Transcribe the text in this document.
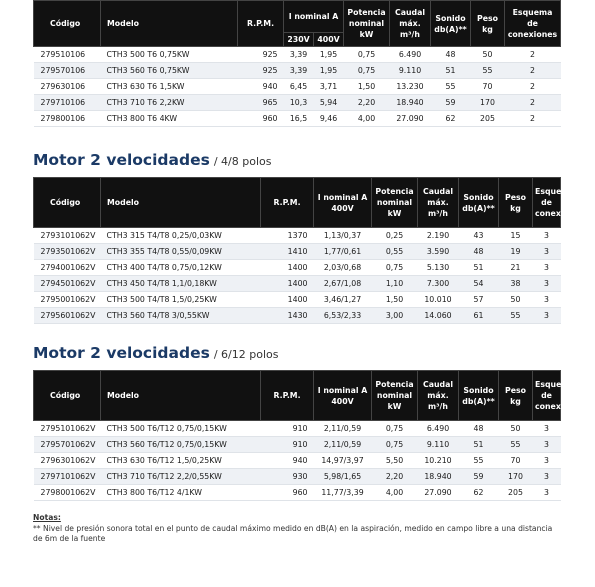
Código	Modelo	R.P.M.	I nominal A		Potencia nominal kW	Caudal máx. m³/h	Sonido db(A)**	Peso kg	Esquema de conexiones
			230V	400V					
279510106	CTH3 500 T6 0,75KW	925	3,39	1,95	0,75	6.490	48	50	2
279570106	CTH3 560 T6 0,75KW	925	3,39	1,95	0,75	9.110	51	55	2
279630106	CTH3 630 T6 1,5KW	940	6,45	3,71	1,50	13.230	55	70	2
279710106	CTH3 710 T6 2,2KW	965	10,3	5,94	2,20	18.940	59	170	2
279800106	CTH3 800 T6 4KW	960	16,5	9,46	4,00	27.090	62	205	2
Motor 2 velocidades / 4/8 polos
Código	Modelo	R.P.M.	I nominal A 400V	Potencia nominal kW	Caudal máx. m³/h	Sonido db(A)**	Peso kg	Esquema de conexiones
2793101062V	CTH3 315 T4/T8 0,25/0,03KW	1370	1,13/0,37	0,25	2.190	43	15	3
2793501062V	CTH3 355 T4/T8 0,55/0,09KW	1410	1,77/0,61	0,55	3.590	48	19	3
2794001062V	CTH3 400 T4/T8 0,75/0,12KW	1400	2,03/0,68	0,75	5.130	51	21	3
2794501062V	CTH3 450 T4/T8 1,1/0,18KW	1400	2,67/1,08	1,10	7.300	54	38	3
2795001062V	CTH3 500 T4/T8 1,5/0,25KW	1400	3,46/1,27	1,50	10.010	57	50	3
2795601062V	CTH3 560 T4/T8 3/0,55KW	1430	6,53/2,33	3,00	14.060	61	55	3
Motor 2 velocidades / 6/12 polos
Código	Modelo	R.P.M.	I nominal A 400V	Potencia nominal kW	Caudal máx. m³/h	Sonido db(A)**	Peso kg	Esquema de conexiones
2795101062V	CTH3 500 T6/T12 0,75/0,15KW	910	2,11/0,59	0,75	6.490	48	50	3
2795701062V	CTH3 560 T6/T12 0,75/0,15KW	910	2,11/0,59	0,75	9.110	51	55	3
2796301062V	CTH3 630 T6/T12 1,5/0,25KW	940	14,97/3,97	5,50	10.210	55	70	3
2797101062V	CTH3 710 T6/T12 2,2/0,55KW	930	5,98/1,65	2,20	18.940	59	170	3
2798001062V	CTH3 800 T6/T12 4/1KW	960	11,77/3,39	4,00	27.090	62	205	3
Notas:
** Nivel de presión sonora total en el punto de caudal máximo medido en dB(A) en la aspiración, medido en campo libre a una distancia de 6m de la fuente
